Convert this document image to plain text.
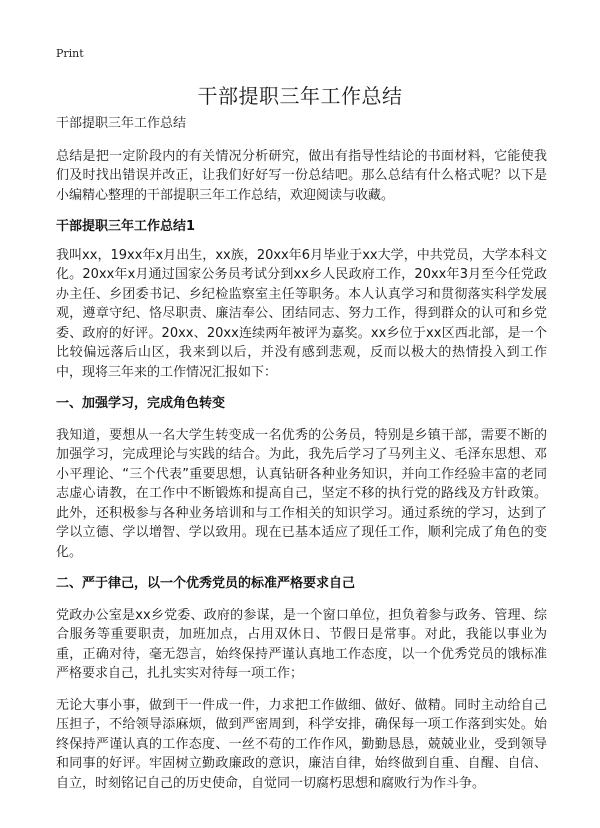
Print
干部提职三年工作总结

干部提职三年工作总结

总结是把一定阶段内的有关情况分析研究，做出有指导性结论的书面材料，它能使我们及时找出错误并改正，让我们好好写一份总结吧。那么总结有什么格式呢？以下是小编精心整理的干部提职三年工作总结，欢迎阅读与收藏。

干部提职三年工作总结1

我叫xx，19xx年x月出生，xx族，20xx年6月毕业于xx大学，中共党员，大学本科文化。20xx年x月通过国家公务员考试分到xx乡人民政府工作，20xx年3月至今任党政办主任、乡团委书记、乡纪检监察室主任等职务。本人认真学习和贯彻落实科学发展观，遵章守纪、恪尽职责、廉洁奉公、团结同志、努力工作，得到群众的认可和乡党委、政府的好评。20xx、20xx连续两年被评为嘉奖。xx乡位于xx区西北部，是一个比较偏远落后山区，我来到以后，并没有感到悲观，反而以极大的热情投入到工作中，现将三年来的工作情况汇报如下：

一、加强学习，完成角色转变

我知道，要想从一名大学生转变成一名优秀的公务员，特别是乡镇干部，需要不断的加强学习，完成理论与实践的结合。为此，我先后学习了马列主义、毛泽东思想、邓小平理论、“三个代表”重要思想，认真钻研各种业务知识，并向工作经验丰富的老同志虚心请教，在工作中不断锻炼和提高自己，坚定不移的执行党的路线及方针政策。此外，还积极参与各种业务培训和与工作相关的知识学习。通过系统的学习，达到了学以立德、学以增智、学以致用。现在已基本适应了现任工作，顺利完成了角色的变化。

二、严于律己，以一个优秀党员的标准严格要求自己

党政办公室是xx乡党委、政府的参谋，是一个窗口单位，担负着参与政务、管理、综合服务等重要职责，加班加点，占用双休日、节假日是常事。对此，我能以事业为重，正确对待，毫无怨言，始终保持严谨认真地工作态度，以一个优秀党员的饿标准严格要求自己，扎扎实实对待每一项工作；

无论大事小事，做到干一件成一件，力求把工作做细、做好、做精。同时主动给自己压担子，不给领导添麻烦，做到严密周到，科学安排，确保每一项工作落到实处。始终保持严谨认真的工作态度、一丝不苟的工作作风，勤勤恳恳，兢兢业业，受到领导和同事的好评。牢固树立勤政廉政的意识，廉洁自律，始终做到自重、自醒、自信、自立，时刻铭记自己的历史使命，自觉同一切腐朽思想和腐败行为作斗争。
